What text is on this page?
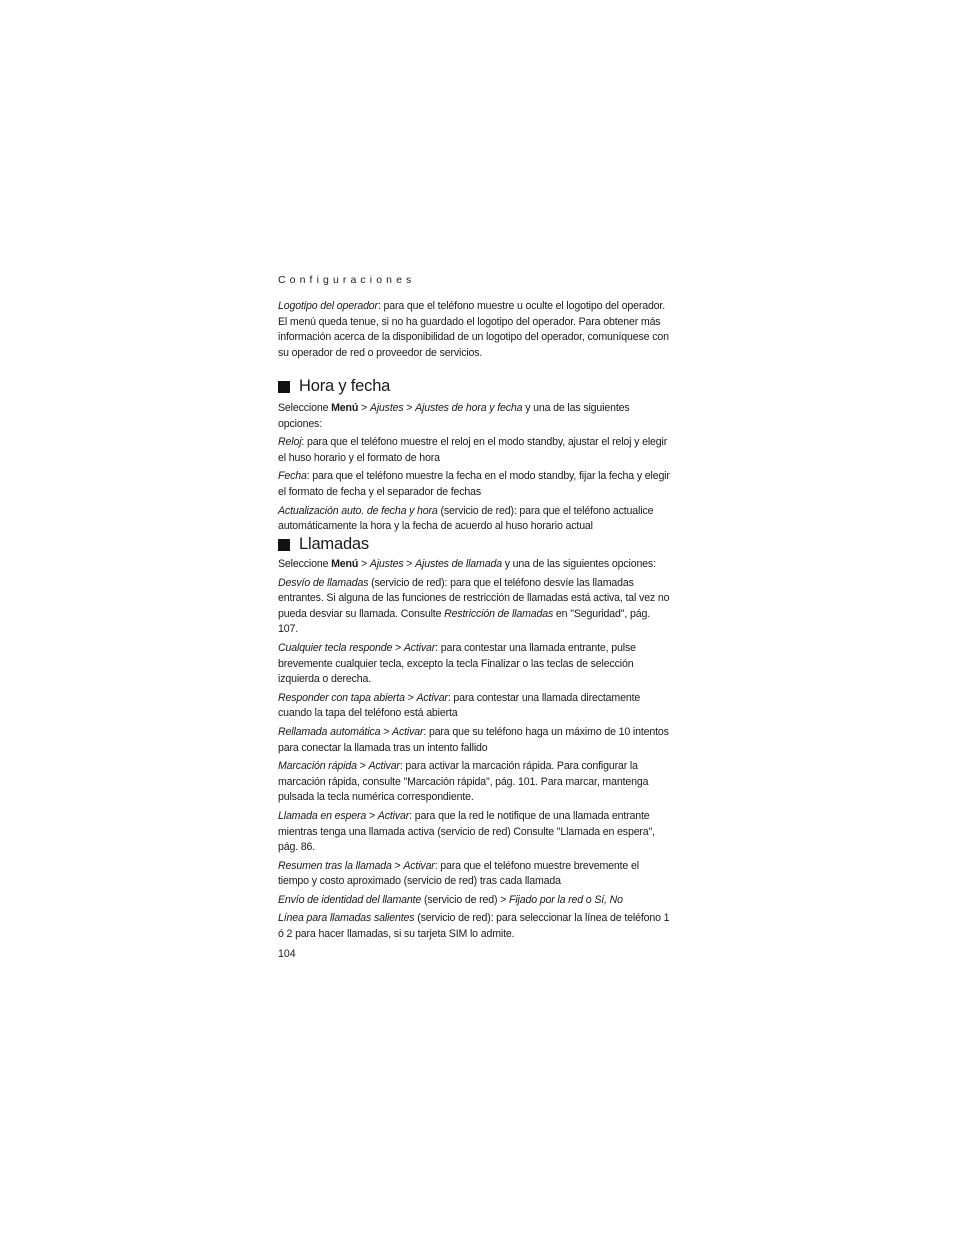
Configuraciones

Logotipo del operador: para que el teléfono muestre u oculte el logotipo del operador. El menú queda tenue, si no ha guardado el logotipo del operador. Para obtener más información acerca de la disponibilidad de un logotipo del operador, comuníquese con su operador de red o proveedor de servicios.

Hora y fecha

Seleccione Menú > Ajustes > Ajustes de hora y fecha y una de las siguientes opciones:

Reloj: para que el teléfono muestre el reloj en el modo standby, ajustar el reloj y elegir el huso horario y el formato de hora

Fecha: para que el teléfono muestre la fecha en el modo standby, fijar la fecha y elegir el formato de fecha y el separador de fechas

Actualización auto. de fecha y hora (servicio de red): para que el teléfono actualice automáticamente la hora y la fecha de acuerdo al huso horario actual

Llamadas

Seleccione Menú > Ajustes > Ajustes de llamada y una de las siguientes opciones:

Desvío de llamadas (servicio de red): para que el teléfono desvíe las llamadas entrantes. Si alguna de las funciones de restricción de llamadas está activa, tal vez no pueda desviar su llamada. Consulte Restricción de llamadas en "Seguridad", pág. 107.

Cualquier tecla responde > Activar: para contestar una llamada entrante, pulse brevemente cualquier tecla, excepto la tecla Finalizar o las teclas de selección izquierda o derecha.

Responder con tapa abierta > Activar: para contestar una llamada directamente cuando la tapa del teléfono está abierta

Rellamada automática > Activar: para que su teléfono haga un máximo de 10 intentos para conectar la llamada tras un intento fallido

Marcación rápida > Activar: para activar la marcación rápida. Para configurar la marcación rápida, consulte "Marcación rápida", pág. 101. Para marcar, mantenga pulsada la tecla numérica correspondiente.

Llamada en espera > Activar: para que la red le notifique de una llamada entrante mientras tenga una llamada activa (servicio de red) Consulte "Llamada en espera", pág. 86.

Resumen tras la llamada > Activar: para que el teléfono muestre brevemente el tiempo y costo aproximado (servicio de red) tras cada llamada

Envío de identidad del llamante (servicio de red) > Fijado por la red o Sí, No

Línea para llamadas salientes (servicio de red): para seleccionar la línea de teléfono 1 ó 2 para hacer llamadas, si su tarjeta SIM lo admite.

104
